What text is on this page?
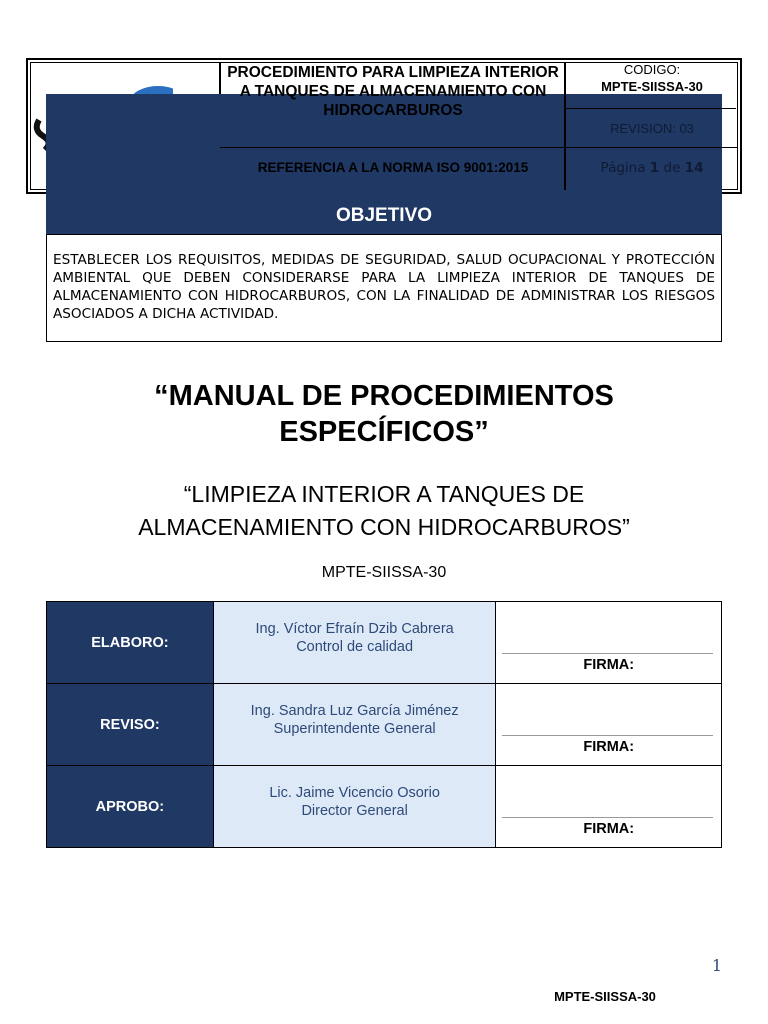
PROCEDIMIENTO PARA LIMPIEZA INTERIOR A TANQUES DE ALMACENAMIENTO CON HIDROCARBUROS
REFERENCIA A LA NORMA ISO 9001:2015
CODIGO:
MPTE-SIISSA-30
REVISION: 03
Página 1 de 14
OBJETIVO
ESTABLECER LOS REQUISITOS, MEDIDAS DE SEGURIDAD, SALUD OCUPACIONAL Y PROTECCIÓN AMBIENTAL QUE DEBEN CONSIDERARSE PARA LA LIMPIEZA INTERIOR DE TANQUES DE ALMACENAMIENTO CON HIDROCARBUROS, CON LA FINALIDAD DE ADMINISTRAR LOS RIESGOS ASOCIADOS A DICHA ACTIVIDAD.
“MANUAL DE PROCEDIMIENTOS
ESPECÍFICOS”
“LIMPIEZA INTERIOR A TANQUES DE
ALMACENAMIENTO CON HIDROCARBUROS”
MPTE-SIISSA-30
ELABORO:	Ing. Víctor Efraín Dzib Cabrera
Control de calidad	FIRMA:

REVISO:	Ing. Sandra Luz García Jiménez
Superintendente General	FIRMA:

APROBO:	Lic. Jaime Vicencio Osorio
Director General	FIRMA:
1
MPTE-SIISSA-30
